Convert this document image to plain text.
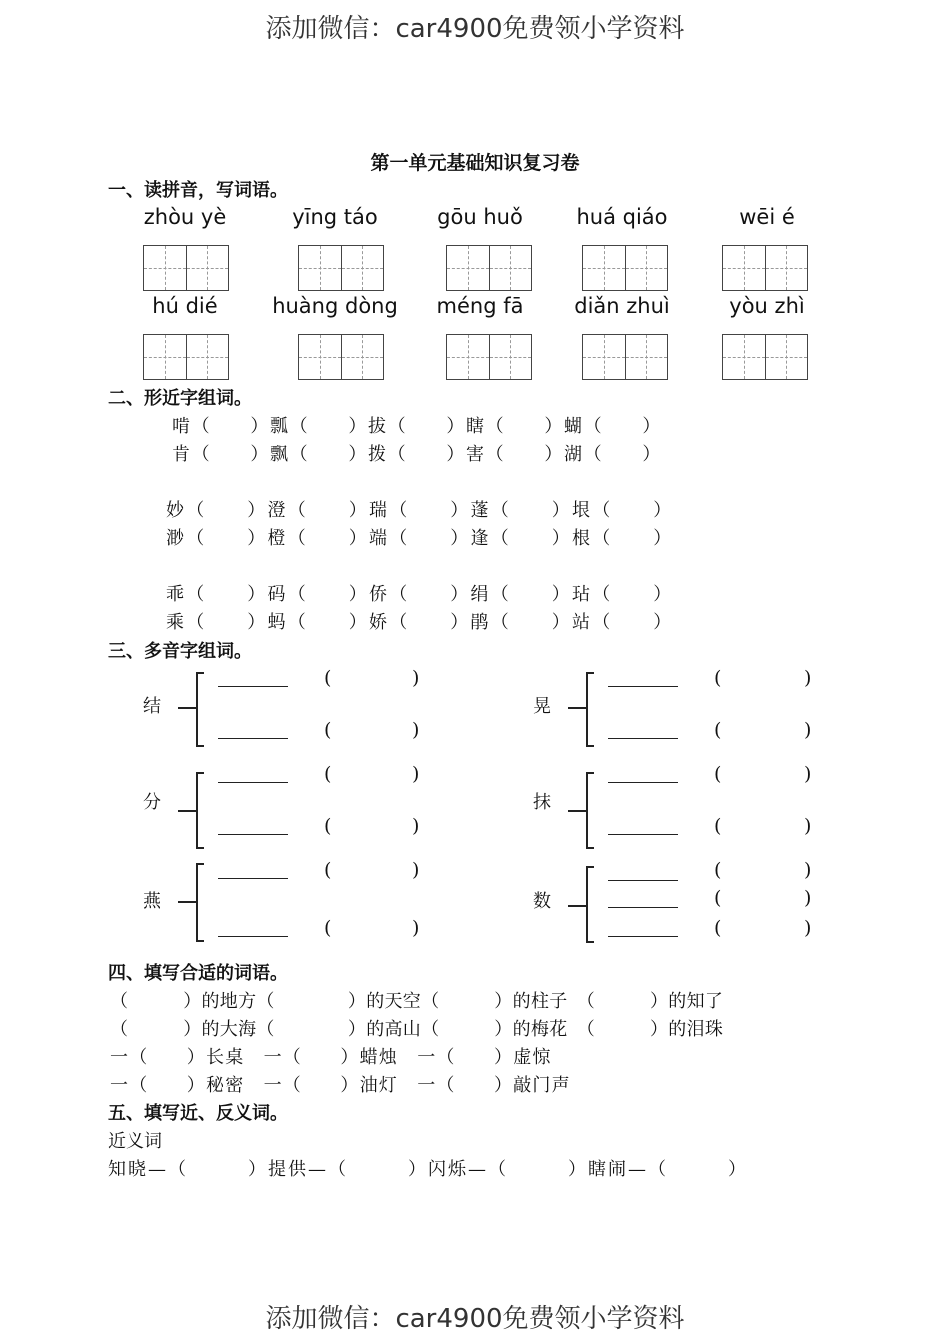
添加微信：car4900免费领小学资料
添加微信：car4900免费领小学资料
第一单元基础知识复习卷
一、读拼音，写词语。
zhòu yè	yīng táo	gōu huǒ	huá qiáo	wēi é
hú dié	huàng dòng	méng fā	diǎn zhuì	yòu zhì
二、形近字组词。
啃（　　）瓢（　　）拔（　　）瞎（　　）蝴（　　）
肯（　　）飘（　　）拨（　　）害（　　）湖（　　）
妙（　　）澄（　　）瑞（　　）蓬（　　）垠（　　）
渺（　　）橙（　　）端（　　）逢（　　）根（　　）
乖（　　）码（　　）侨（　　）绢（　　）玷（　　）
乘（　　）蚂（　　）娇（　　）鹃（　　）站（　　）
三、多音字组词。
结
(	)
(	)
晃
(	)
(	)
分
(	)
(	)
抹
(	)
(	)
燕
(	)
(	)
数
(	)
(	)
(	)
四、填写合适的词语。
（　　　）的地方（　　　　）的天空（　　　）的柱子　（　　　）的知了
（　　　）的大海（　　　　）的高山（　　　）的梅花　（　　　）的泪珠
一（　　）长桌　一（　　）蜡烛　一（　　）虚惊
一（　　）秘密　一（　　）油灯　一（　　）敲门声
五、填写近、反义词。
近义词
知晓—（　　　）提供—（　　　）闪烁—（　　　）瞎闹—（　　　）
